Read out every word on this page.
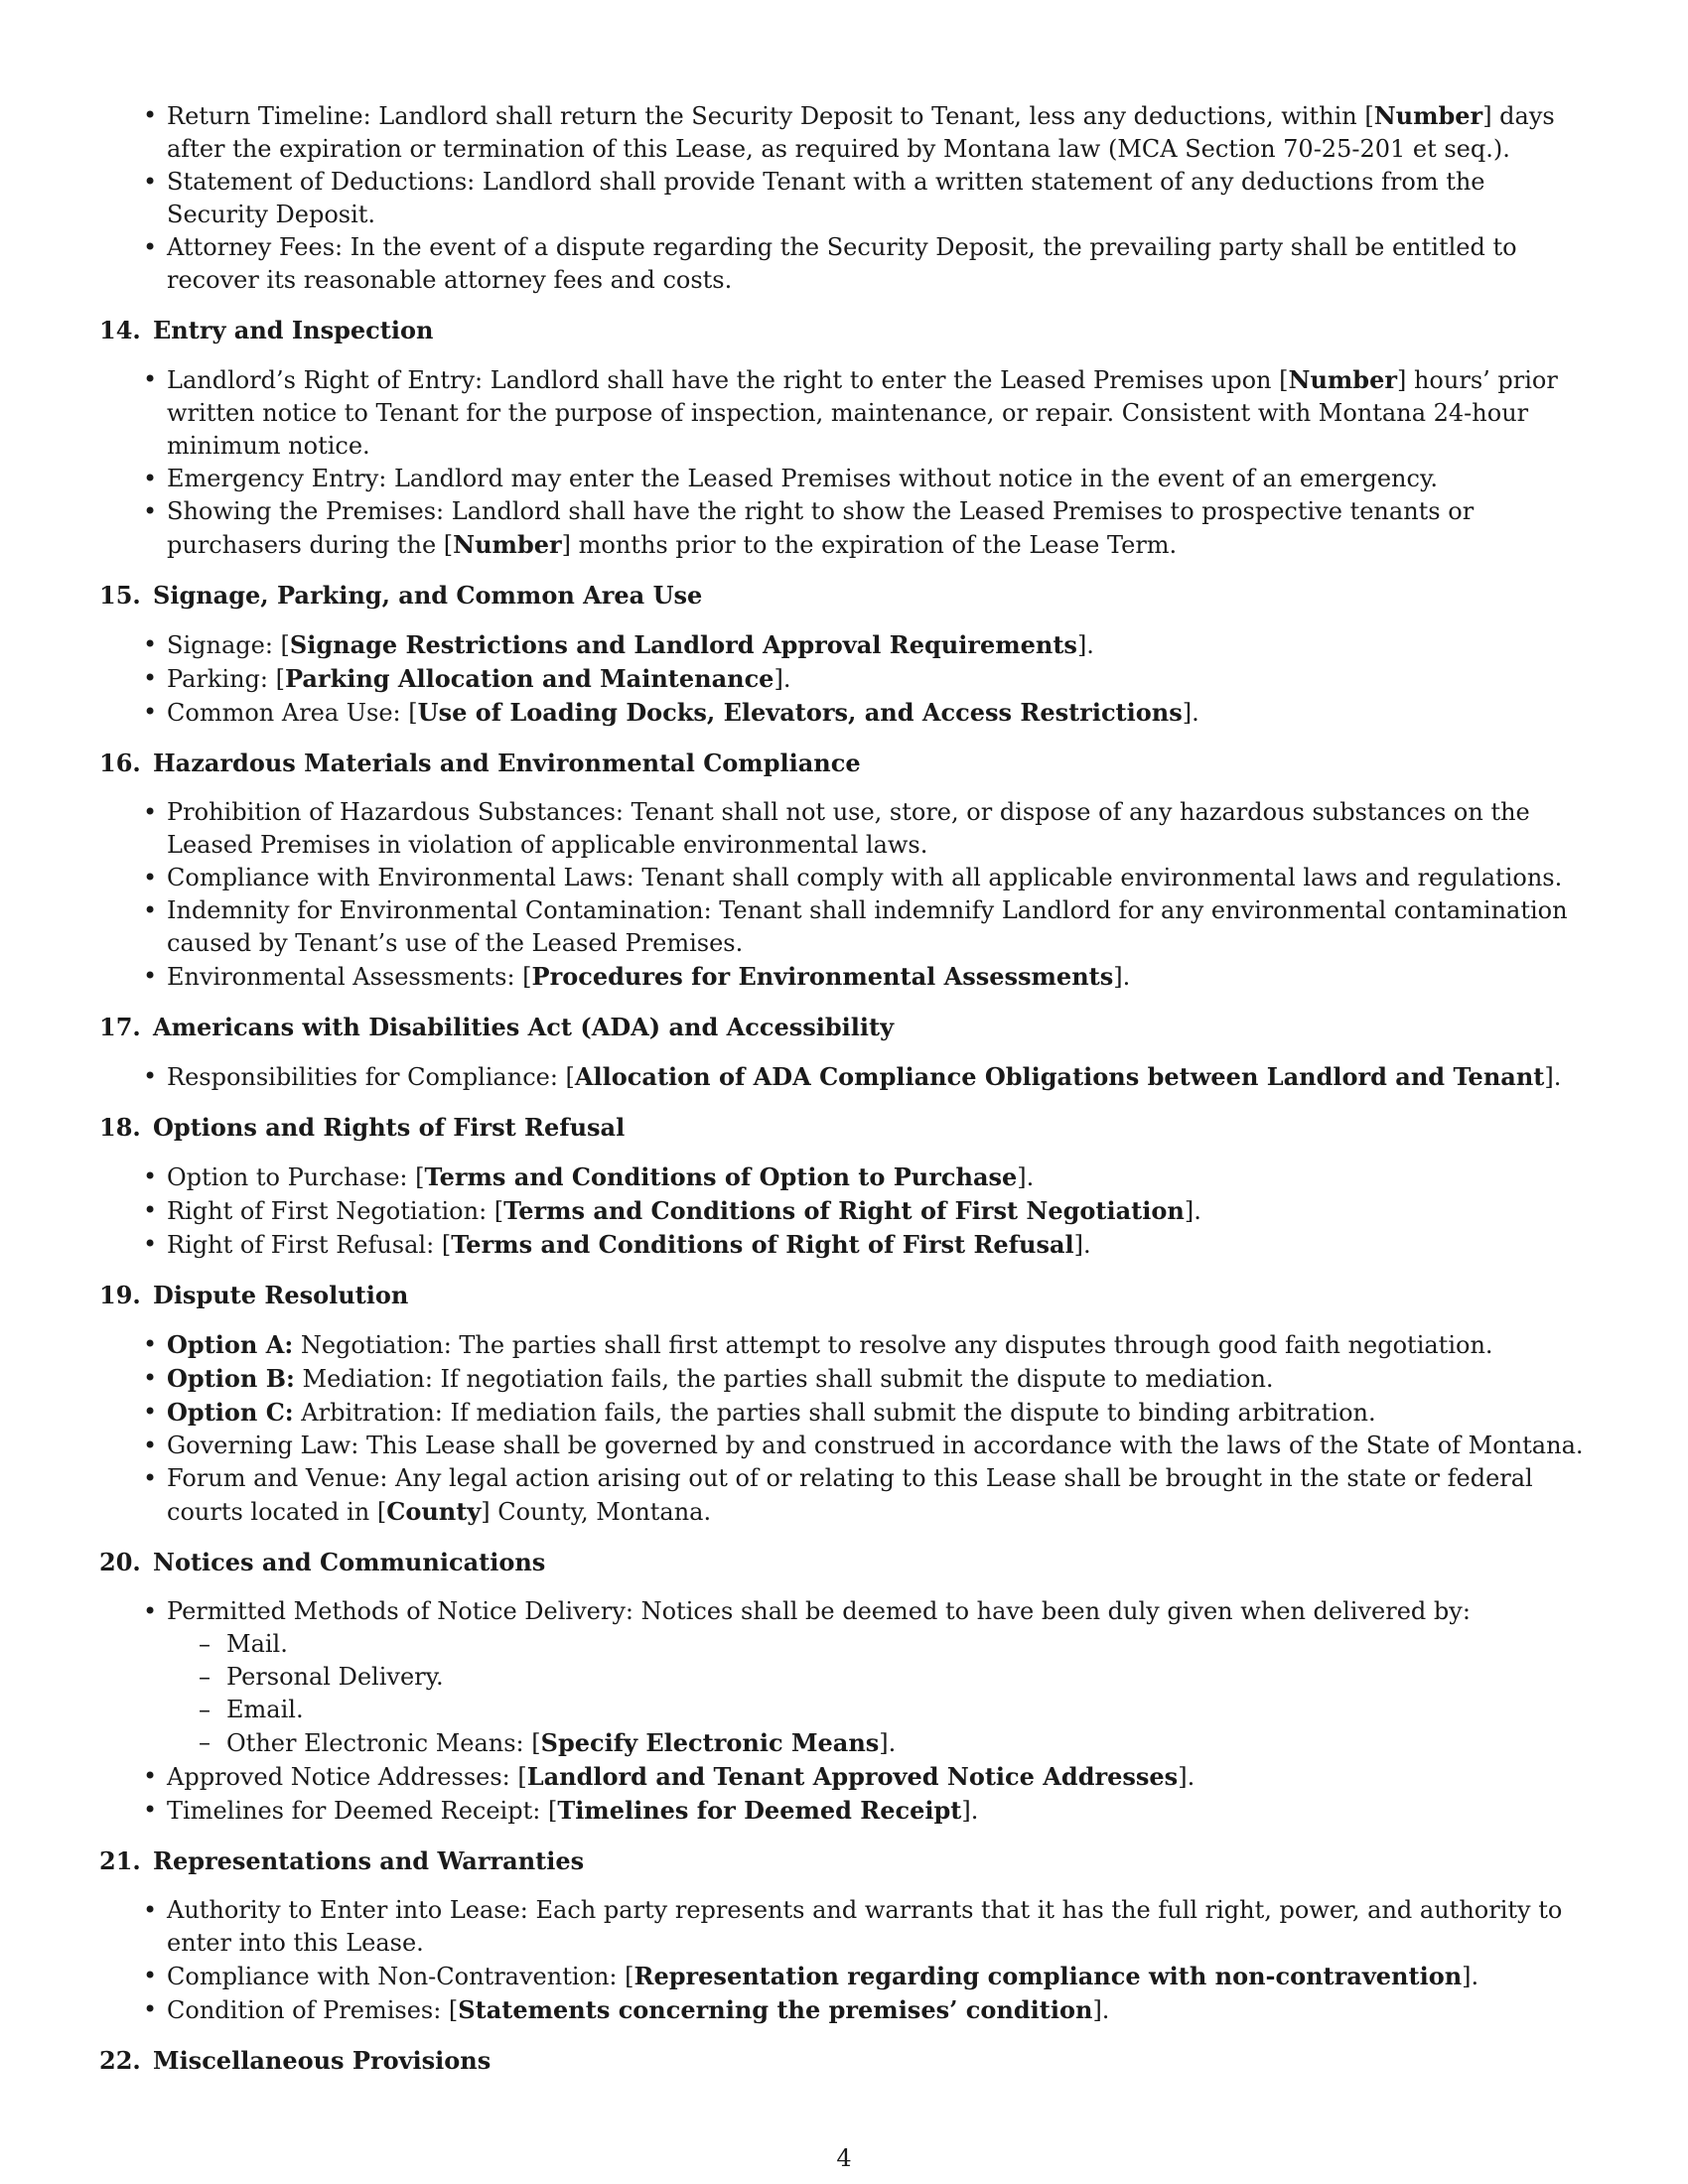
• Return Timeline: Landlord shall return the Security Deposit to Tenant, less any deductions, within [Number] days after the expiration or termination of this Lease, as required by Montana law (MCA Section 70-25-201 et seq.).
• Statement of Deductions: Landlord shall provide Tenant with a written statement of any deductions from the Security Deposit.
• Attorney Fees: In the event of a dispute regarding the Security Deposit, the prevailing party shall be entitled to recover its reasonable attorney fees and costs.
14. Entry and Inspection
• Landlord’s Right of Entry: Landlord shall have the right to enter the Leased Premises upon [Number] hours’ prior written notice to Tenant for the purpose of inspection, maintenance, or repair. Consistent with Montana 24-hour minimum notice.
• Emergency Entry: Landlord may enter the Leased Premises without notice in the event of an emergency.
• Showing the Premises: Landlord shall have the right to show the Leased Premises to prospective tenants or purchasers during the [Number] months prior to the expiration of the Lease Term.
15. Signage, Parking, and Common Area Use
• Signage: [Signage Restrictions and Landlord Approval Requirements].
• Parking: [Parking Allocation and Maintenance].
• Common Area Use: [Use of Loading Docks, Elevators, and Access Restrictions].
16. Hazardous Materials and Environmental Compliance
• Prohibition of Hazardous Substances: Tenant shall not use, store, or dispose of any hazardous substances on the Leased Premises in violation of applicable environmental laws.
• Compliance with Environmental Laws: Tenant shall comply with all applicable environmental laws and regulations.
• Indemnity for Environmental Contamination: Tenant shall indemnify Landlord for any environmental contamination caused by Tenant’s use of the Leased Premises.
• Environmental Assessments: [Procedures for Environmental Assessments].
17. Americans with Disabilities Act (ADA) and Accessibility
• Responsibilities for Compliance: [Allocation of ADA Compliance Obligations between Landlord and Tenant].
18. Options and Rights of First Refusal
• Option to Purchase: [Terms and Conditions of Option to Purchase].
• Right of First Negotiation: [Terms and Conditions of Right of First Negotiation].
• Right of First Refusal: [Terms and Conditions of Right of First Refusal].
19. Dispute Resolution
• Option A: Negotiation: The parties shall first attempt to resolve any disputes through good faith negotiation.
• Option B: Mediation: If negotiation fails, the parties shall submit the dispute to mediation.
• Option C: Arbitration: If mediation fails, the parties shall submit the dispute to binding arbitration.
• Governing Law: This Lease shall be governed by and construed in accordance with the laws of the State of Montana.
• Forum and Venue: Any legal action arising out of or relating to this Lease shall be brought in the state or federal courts located in [County] County, Montana.
20. Notices and Communications
• Permitted Methods of Notice Delivery: Notices shall be deemed to have been duly given when delivered by:
– Mail.
– Personal Delivery.
– Email.
– Other Electronic Means: [Specify Electronic Means].
• Approved Notice Addresses: [Landlord and Tenant Approved Notice Addresses].
• Timelines for Deemed Receipt: [Timelines for Deemed Receipt].
21. Representations and Warranties
• Authority to Enter into Lease: Each party represents and warrants that it has the full right, power, and authority to enter into this Lease.
• Compliance with Non-Contravention: [Representation regarding compliance with non-contravention].
• Condition of Premises: [Statements concerning the premises’ condition].
22. Miscellaneous Provisions
4
